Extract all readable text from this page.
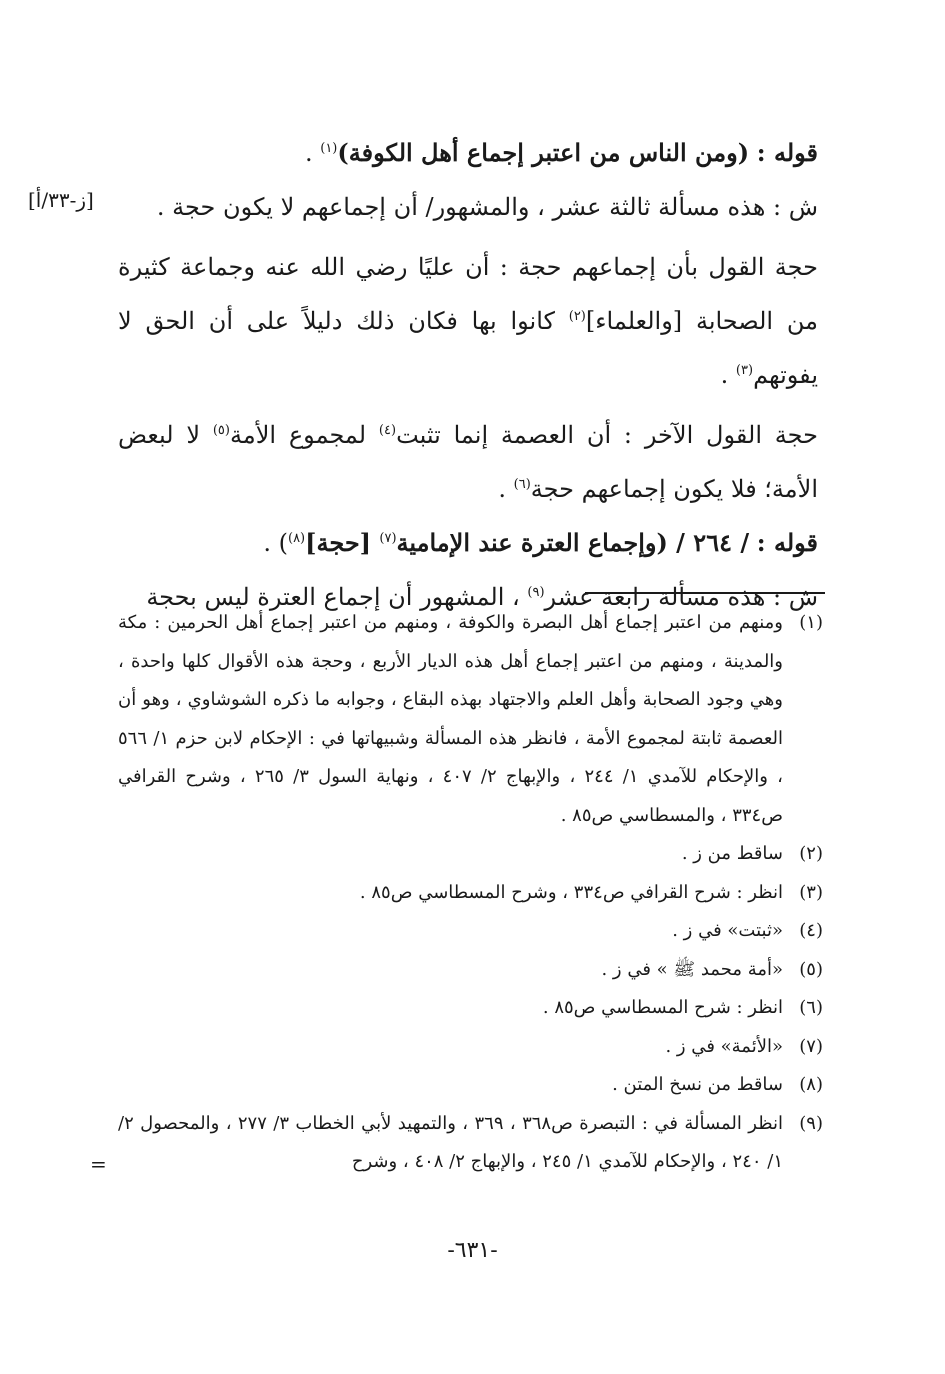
[ز-٣٣/أ]

قوله : (ومن الناس من اعتبر إجماع أهل الكوفة)$^{(١)}$ .

ش : هذه مسألة ثالثة عشر ، والمشهور/ أن إجماعهم لا يكون حجة .

حجة القول بأن إجماعهم حجة : أن عليًا رضي الله عنه وجماعة كثيرة من الصحابة [والعلماء]$^{(٢)}$ كانوا بها فكان ذلك دليلاً على أن الحق لا يفوتهم$^{(٣)}$ .

حجة القول الآخر : أن العصمة إنما تثبت$^{(٤)}$ لمجموع الأمة$^{(٥)}$ لا لبعض الأمة؛ فلا يكون إجماعهم حجة$^{(٦)}$ .

قوله : / ٢٦٤ / (وإجماع العترة عند الإمامية$^{(٧)}$ [حجة]$^{(٨)}$) .

ش : هذه مسألة رابعة عشر$^{(٩)}$ ، المشهور أن إجماع العترة ليس بحجة

(١)
ومنهم من اعتبر إجماع أهل البصرة والكوفة ، ومنهم من اعتبر إجماع أهل الحرمين : مكة والمدينة ، ومنهم من اعتبر إجماع أهل هذه الديار الأربع ، وحجة هذه الأقوال كلها واحدة ، وهي وجود الصحابة وأهل العلم والاجتهاد بهذه البقاع ، وجوابه ما ذكره الشوشاوي ، وهو أن العصمة ثابتة لمجموع الأمة ، فانظر هذه المسألة وشبيهاتها في : الإحكام لابن حزم ١/ ٥٦٦ ، والإحكام للآمدي ١/ ٢٤٤ ، والإبهاج ٢/ ٤٠٧ ، ونهاية السول ٣/ ٢٦٥ ، وشرح القرافي ص٣٣٤ ، والمسطاسي ص٨٥ .
(٢)
ساقط من ز .
(٣)
انظر : شرح القرافي ص٣٣٤ ، وشرح المسطاسي ص٨٥ .
(٤)
«ثبتت» في ز .
(٥)
«أمة محمد ﷺ » في ز .
(٦)
انظر : شرح المسطاسي ص٨٥ .
(٧)
«الأئمة» في ز .
(٨)
ساقط من نسخ المتن .
(٩)
انظر المسألة في : التبصرة ص٣٦٨ ، ٣٦٩ ، والتمهيد لأبي الخطاب ٣/ ٢٧٧ ، والمحصول ٢/ ١/ ٢٤٠ ، والإحكام للآمدي ١/ ٢٤٥ ، والإبهاج ٢/ ٤٠٨ ، وشرح
=
-٦٣١-
